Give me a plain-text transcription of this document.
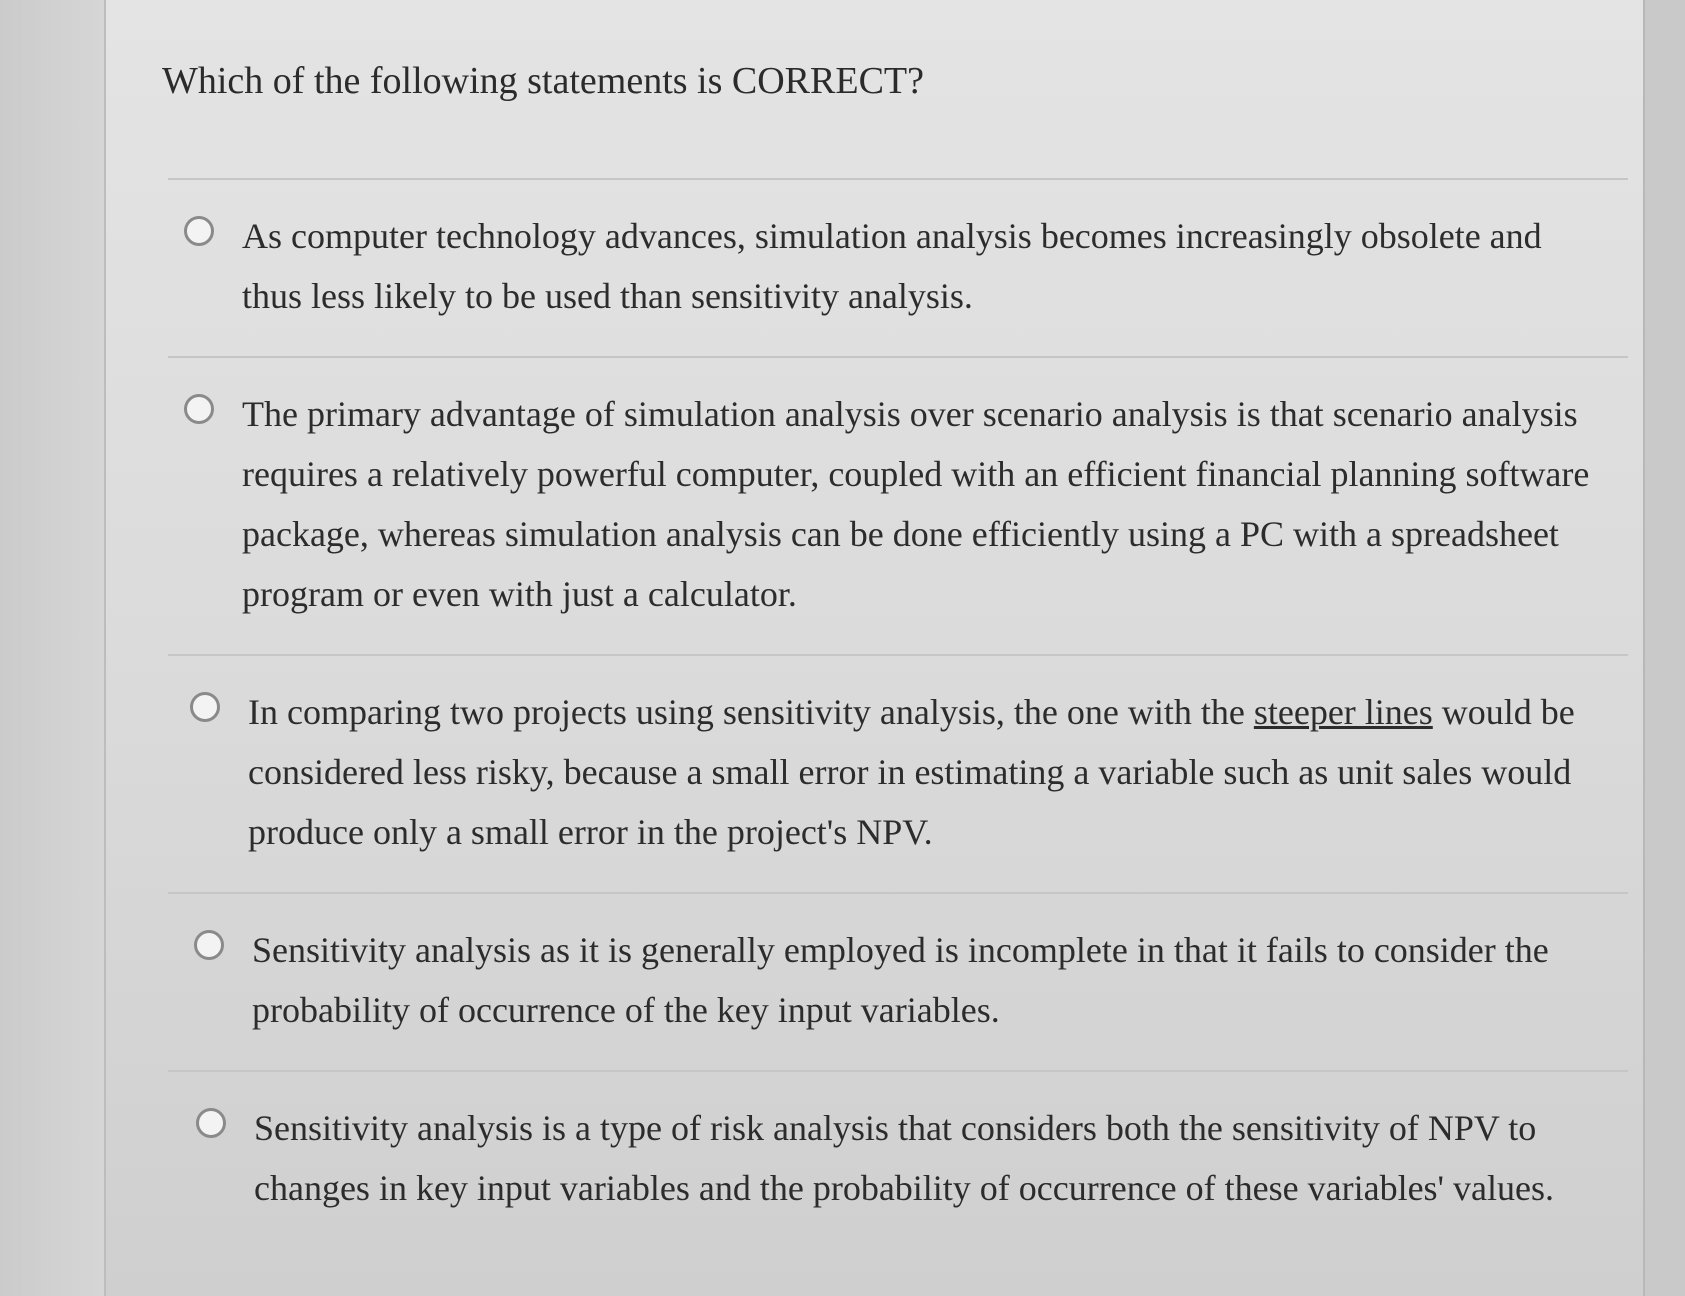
Which of the following statements is CORRECT?
As computer technology advances, simulation analysis becomes increasingly obsolete and thus less likely to be used than sensitivity analysis.
The primary advantage of simulation analysis over scenario analysis is that scenario analysis requires a relatively powerful computer, coupled with an efficient financial planning software package, whereas simulation analysis can be done efficiently using a PC with a spreadsheet program or even with just a calculator.
In comparing two projects using sensitivity analysis, the one with the steeper lines would be considered less risky, because a small error in estimating a variable such as unit sales would produce only a small error in the project's NPV.
Sensitivity analysis as it is generally employed is incomplete in that it fails to consider the probability of occurrence of the key input variables.
Sensitivity analysis is a type of risk analysis that considers both the sensitivity of NPV to changes in key input variables and the probability of occurrence of these variables' values.
